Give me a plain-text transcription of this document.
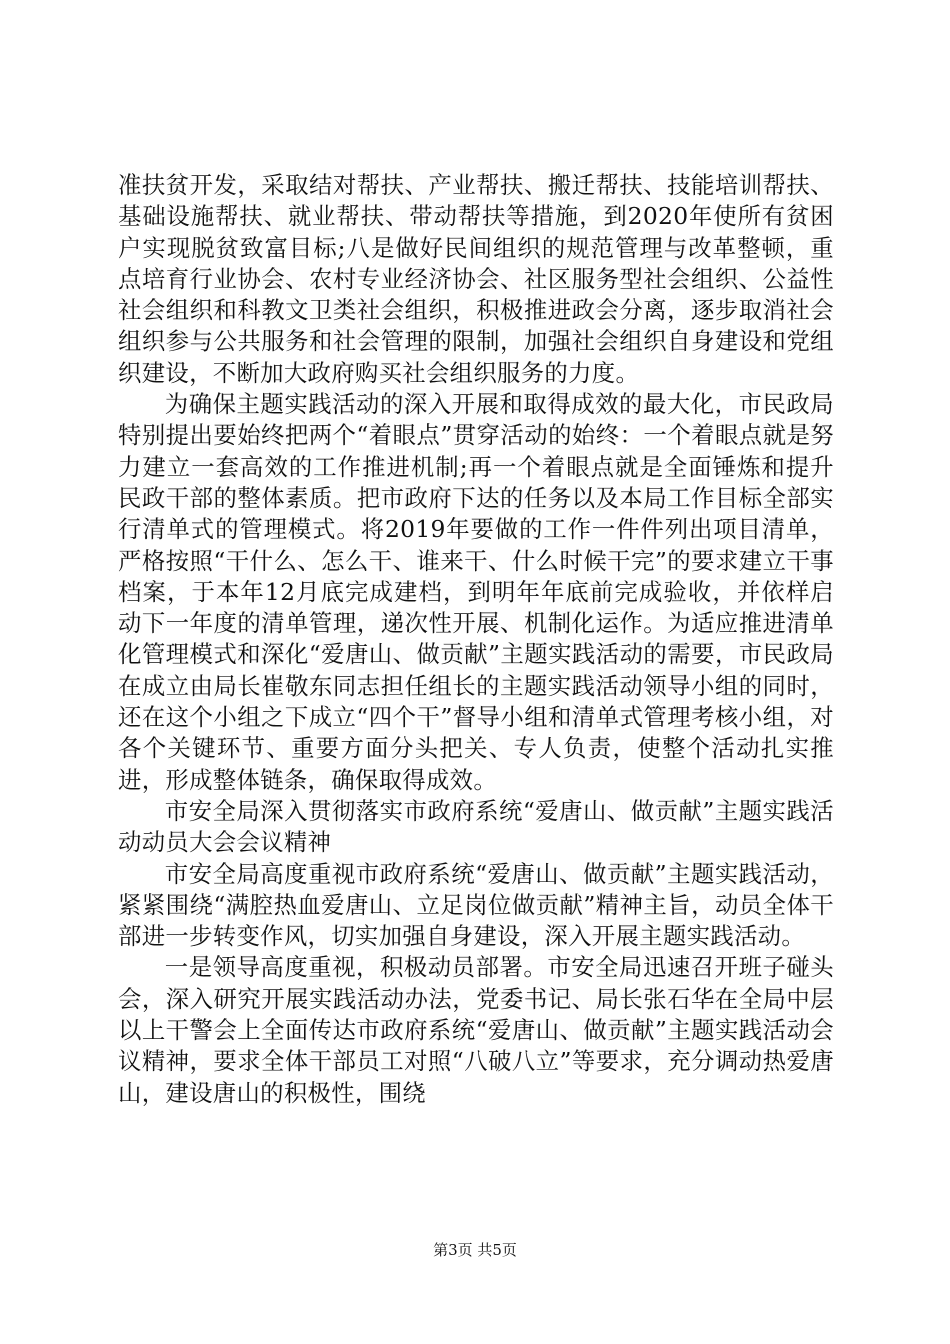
准扶贫开发，采取结对帮扶、产业帮扶、搬迁帮扶、技能培训帮扶、基础设施帮扶、就业帮扶、带动帮扶等措施，到2020年使所有贫困户实现脱贫致富目标;八是做好民间组织的规范管理与改革整顿，重点培育行业协会、农村专业经济协会、社区服务型社会组织、公益性社会组织和科教文卫类社会组织，积极推进政会分离，逐步取消社会组织参与公共服务和社会管理的限制，加强社会组织自身建设和党组织建设，不断加大政府购买社会组织服务的力度。

为确保主题实践活动的深入开展和取得成效的最大化，市民政局特别提出要始终把两个“着眼点”贯穿活动的始终：一个着眼点就是努力建立一套高效的工作推进机制;再一个着眼点就是全面锤炼和提升民政干部的整体素质。把市政府下达的任务以及本局工作目标全部实行清单式的管理模式。将2019年要做的工作一件件列出项目清单，严格按照“干什么、怎么干、谁来干、什么时候干完”的要求建立干事档案，于本年12月底完成建档，到明年年底前完成验收，并依样启动下一年度的清单管理，递次性开展、机制化运作。为适应推进清单化管理模式和深化“爱唐山、做贡献”主题实践活动的需要，市民政局在成立由局长崔敬东同志担任组长的主题实践活动领导小组的同时，还在这个小组之下成立“四个干”督导小组和清单式管理考核小组，对各个关键环节、重要方面分头把关、专人负责，使整个活动扎实推进，形成整体链条，确保取得成效。

市安全局深入贯彻落实市政府系统“爱唐山、做贡献”主题实践活动动员大会会议精神

市安全局高度重视市政府系统“爱唐山、做贡献”主题实践活动，紧紧围绕“满腔热血爱唐山、立足岗位做贡献”精神主旨，动员全体干部进一步转变作风，切实加强自身建设，深入开展主题实践活动。

一是领导高度重视，积极动员部署。市安全局迅速召开班子碰头会，深入研究开展实践活动办法，党委书记、局长张石华在全局中层以上干警会上全面传达市政府系统“爱唐山、做贡献”主题实践活动会议精神，要求全体干部员工对照“八破八立”等要求，充分调动热爱唐山，建设唐山的积极性，围绕

第3页 共5页
